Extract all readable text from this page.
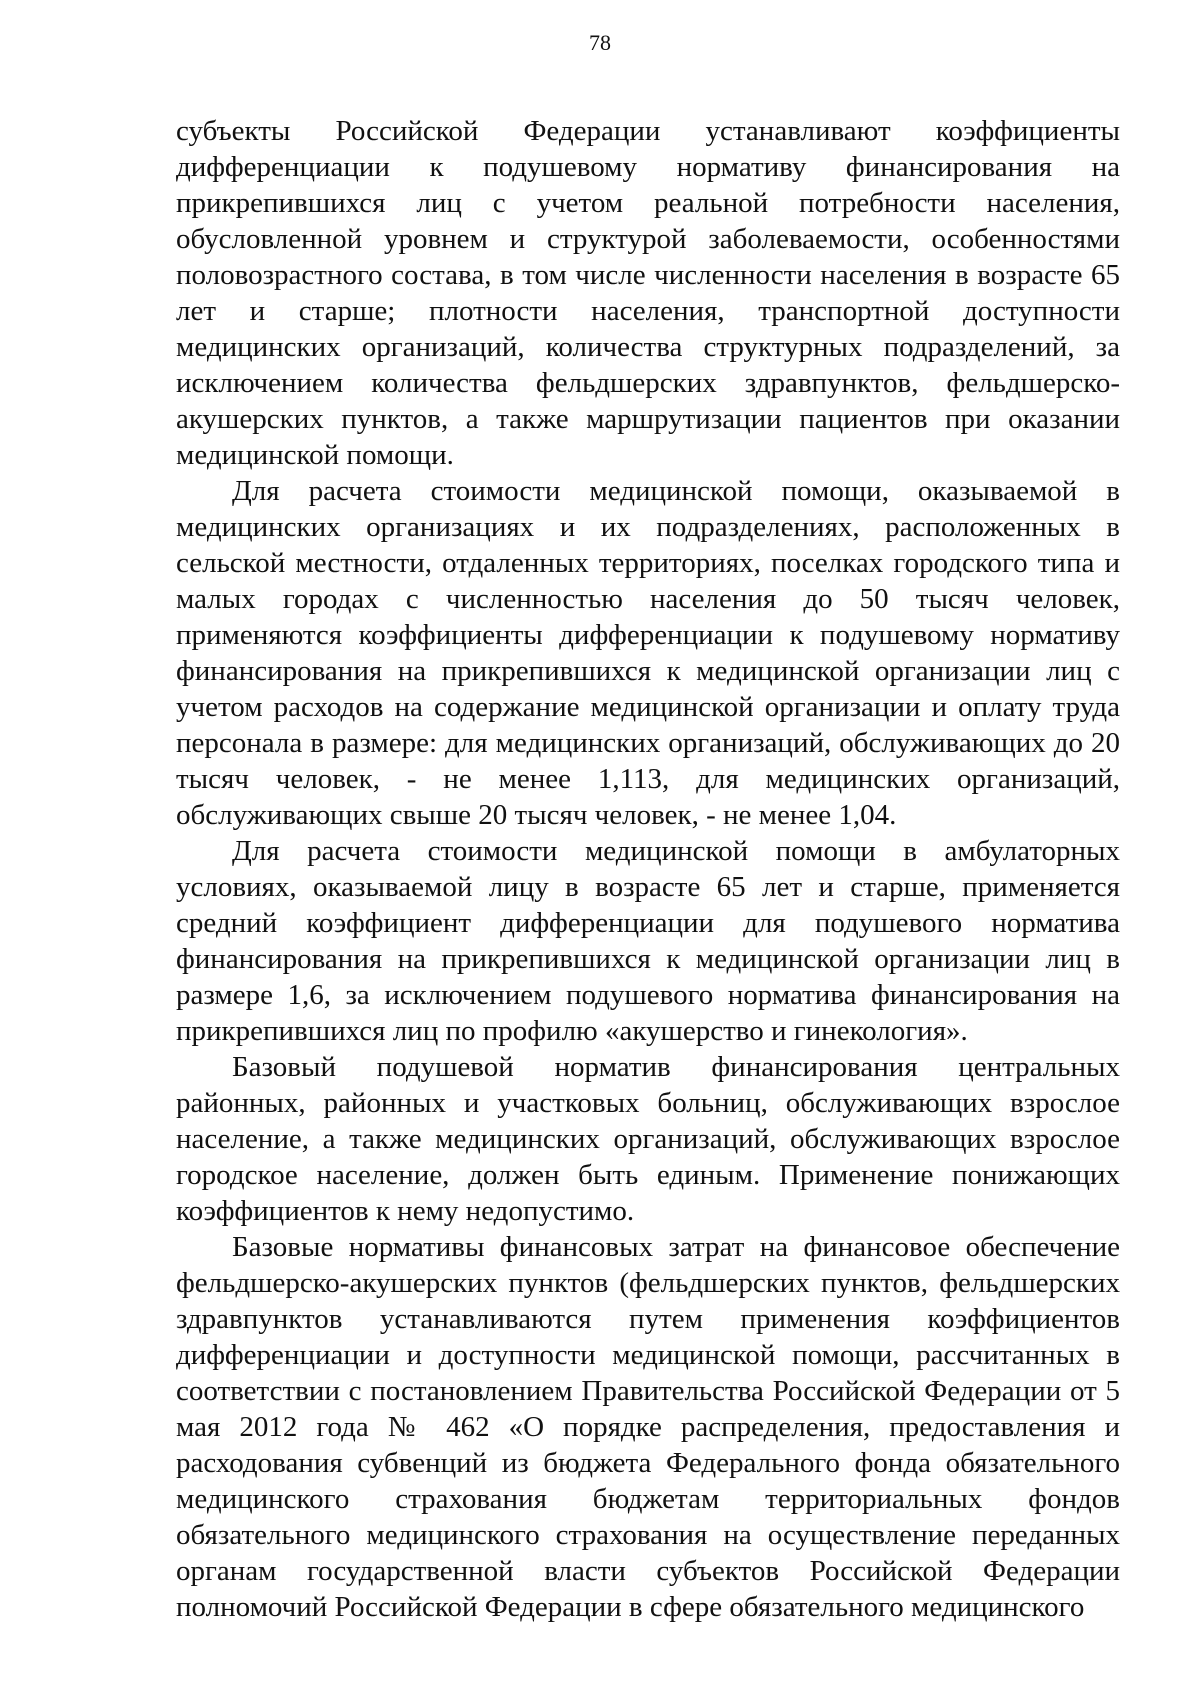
78

субъекты Российской Федерации устанавливают коэффициенты дифференциации к подушевому нормативу финансирования на прикрепившихся лиц с учетом реальной потребности населения, обусловленной уровнем и структурой заболеваемости, особенностями половозрастного состава, в том числе численности населения в возрасте 65 лет и старше; плотности населения, транспортной доступности медицинских организаций, количества структурных подразделений, за исключением количества фельдшерских здравпунктов, фельдшерско-акушерских пунктов, а также маршрутизации пациентов при оказании медицинской помощи.

Для расчета стоимости медицинской помощи, оказываемой в медицинских организациях и их подразделениях, расположенных в сельской местности, отдаленных территориях, поселках городского типа и малых городах с численностью населения до 50 тысяч человек, применяются коэффициенты дифференциации к подушевому нормативу финансирования на прикрепившихся к медицинской организации лиц с учетом расходов на содержание медицинской организации и оплату труда персонала в размере: для медицинских организаций, обслуживающих до 20 тысяч человек, - не менее 1,113, для медицинских организаций, обслуживающих свыше 20 тысяч человек, - не менее 1,04.

Для расчета стоимости медицинской помощи в амбулаторных условиях, оказываемой лицу в возрасте 65 лет и старше, применяется средний коэффициент дифференциации для подушевого норматива финансирования на прикрепившихся к медицинской организации лиц в размере 1,6, за исключением подушевого норматива финансирования на прикрепившихся лиц по профилю «акушерство и гинекология».

Базовый подушевой норматив финансирования центральных районных, районных и участковых больниц, обслуживающих взрослое население, а также медицинских организаций, обслуживающих взрослое городское население, должен быть единым. Применение понижающих коэффициентов к нему недопустимо.

Базовые нормативы финансовых затрат на финансовое обеспечение фельдшерско-акушерских пунктов (фельдшерских пунктов, фельдшерских здравпунктов устанавливаются путем применения коэффициентов дифференциации и доступности медицинской помощи, рассчитанных в соответствии с постановлением Правительства Российской Федерации от 5 мая 2012 года № 462 «О порядке распределения, предоставления и расходования субвенций из бюджета Федерального фонда обязательного медицинского страхования бюджетам территориальных фондов обязательного медицинского страхования на осуществление переданных органам государственной власти субъектов Российской Федерации полномочий Российской Федерации в сфере обязательного медицинского
